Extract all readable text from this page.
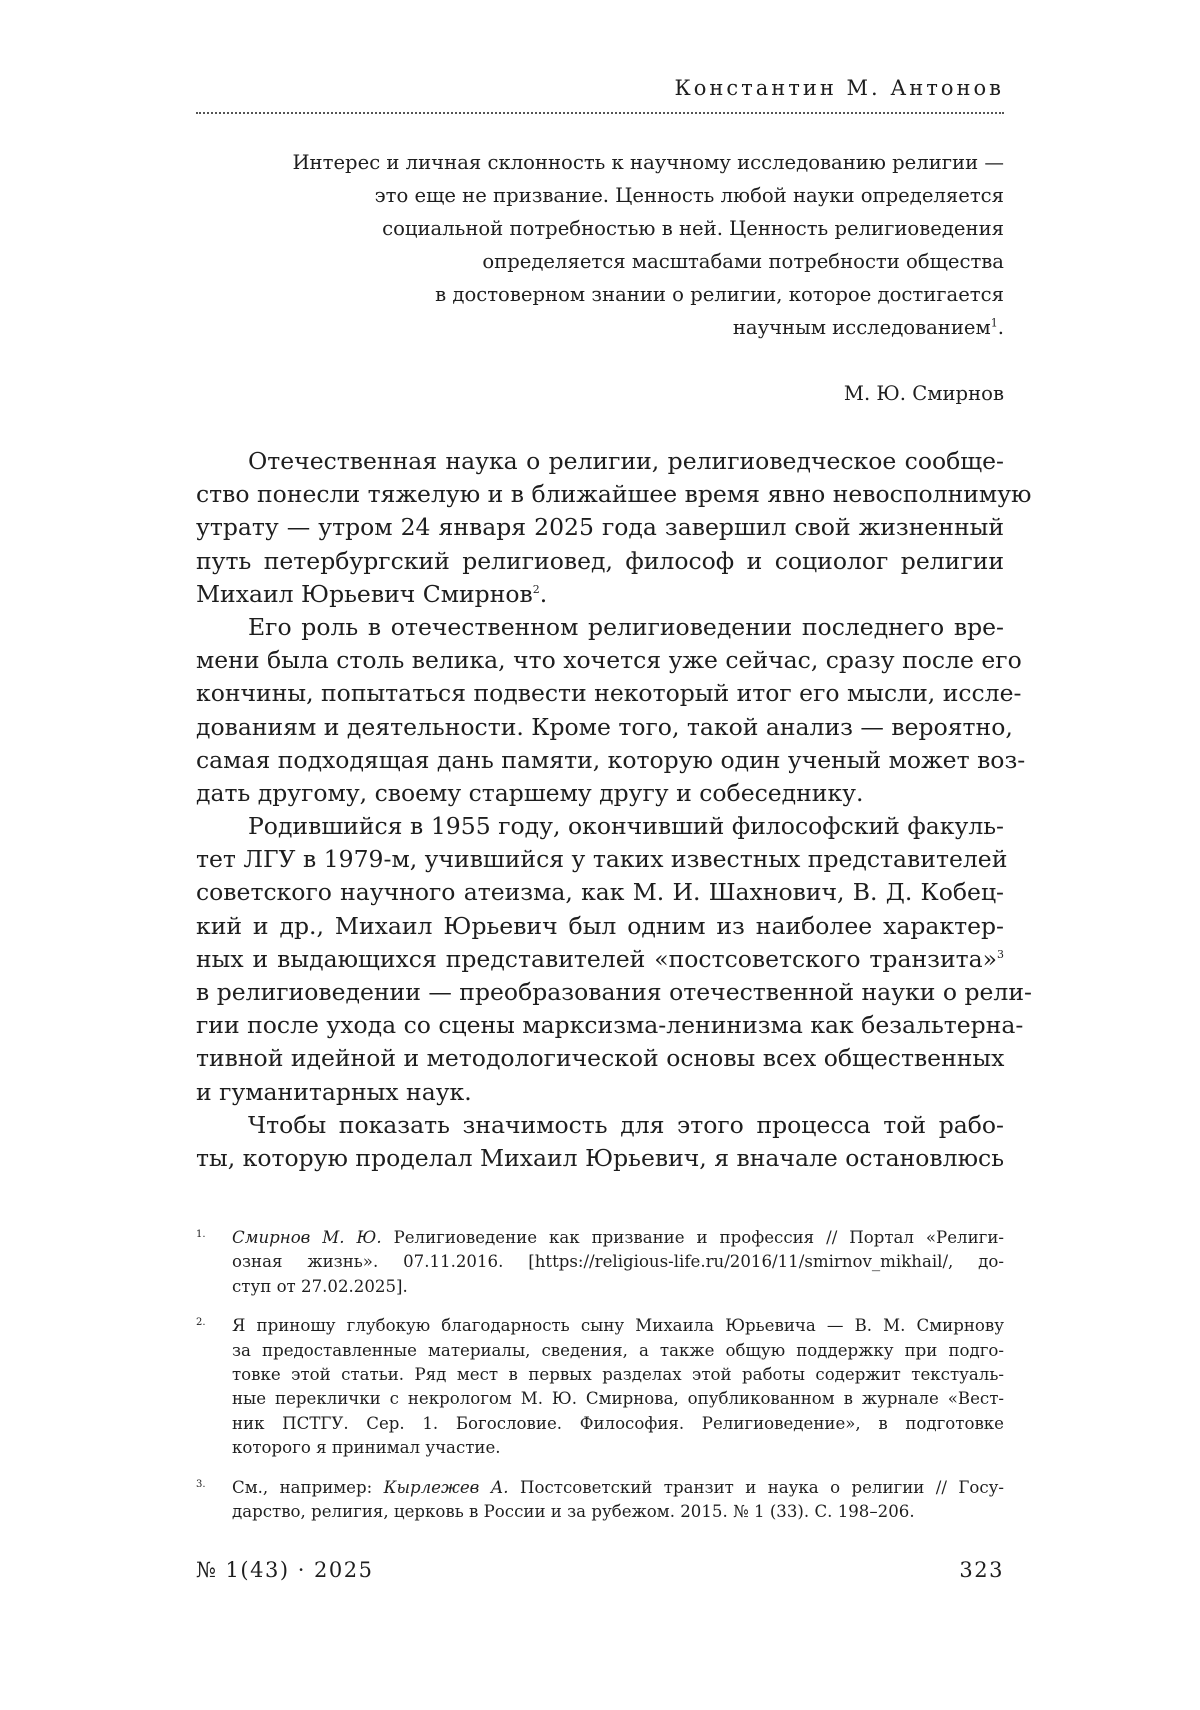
Константин М. Антонов
Интерес и личная склонность к научному исследованию религии —
это еще не призвание. Ценность любой науки определяется
социальной потребностью в ней. Ценность религиоведения
определяется масштабами потребности общества
в достоверном знании о религии, которое достигается
научным исследованием1.
М. Ю. Смирнов
Отечественная наука о религии, религиоведческое сообще-
ство понесли тяжелую и в ближайшее время явно невосполнимую
утрату — утром 24 января 2025 года завершил свой жизненный
путь петербургский религиовед, философ и социолог религии
Михаил Юрьевич Смирнов2.
Его роль в отечественном религиоведении последнего вре-
мени была столь велика, что хочется уже сейчас, сразу после его
кончины, попытаться подвести некоторый итог его мысли, иссле-
дованиям и деятельности. Кроме того, такой анализ — вероятно,
самая подходящая дань памяти, которую один ученый может воз-
дать другому, своему старшему другу и собеседнику.
Родившийся в 1955 году, окончивший философский факуль-
тет ЛГУ в 1979-м, учившийся у таких известных представителей
советского научного атеизма, как М. И. Шахнович, В. Д. Кобец-
кий и др., Михаил Юрьевич был одним из наиболее характер-
ных и выдающихся представителей «постсоветского транзита»3
в религиоведении — преобразования отечественной науки о рели-
гии после ухода со сцены марксизма-ленинизма как безальтерна-
тивной идейной и методологической основы всех общественных
и гуманитарных наук.
Чтобы показать значимость для этого процесса той рабо-
ты, которую проделал Михаил Юрьевич, я вначале остановлюсь
1. Смирнов М. Ю. Религиоведение как призвание и профессия // Портал «Религи-
озная жизнь». 07.11.2016. [https://religious-life.ru/2016/11/smirnov_mikhail/, до-
ступ от 27.02.2025].
2. Я приношу глубокую благодарность сыну Михаила Юрьевича — В. М. Смирнову
за предоставленные материалы, сведения, а также общую поддержку при подго-
товке этой статьи. Ряд мест в первых разделах этой работы содержит текстуаль-
ные переклички с некрологом М. Ю. Смирнова, опубликованном в журнале «Вест-
ник ПСТГУ. Сер. 1. Богословие. Философия. Религиоведение», в подготовке
которого я принимал участие.
3. См., например: Кырлежев А. Постсоветский транзит и наука о религии // Госу-
дарство, религия, церковь в России и за рубежом. 2015. № 1 (33). С. 198–206.
№ 1(43) · 2025	323
